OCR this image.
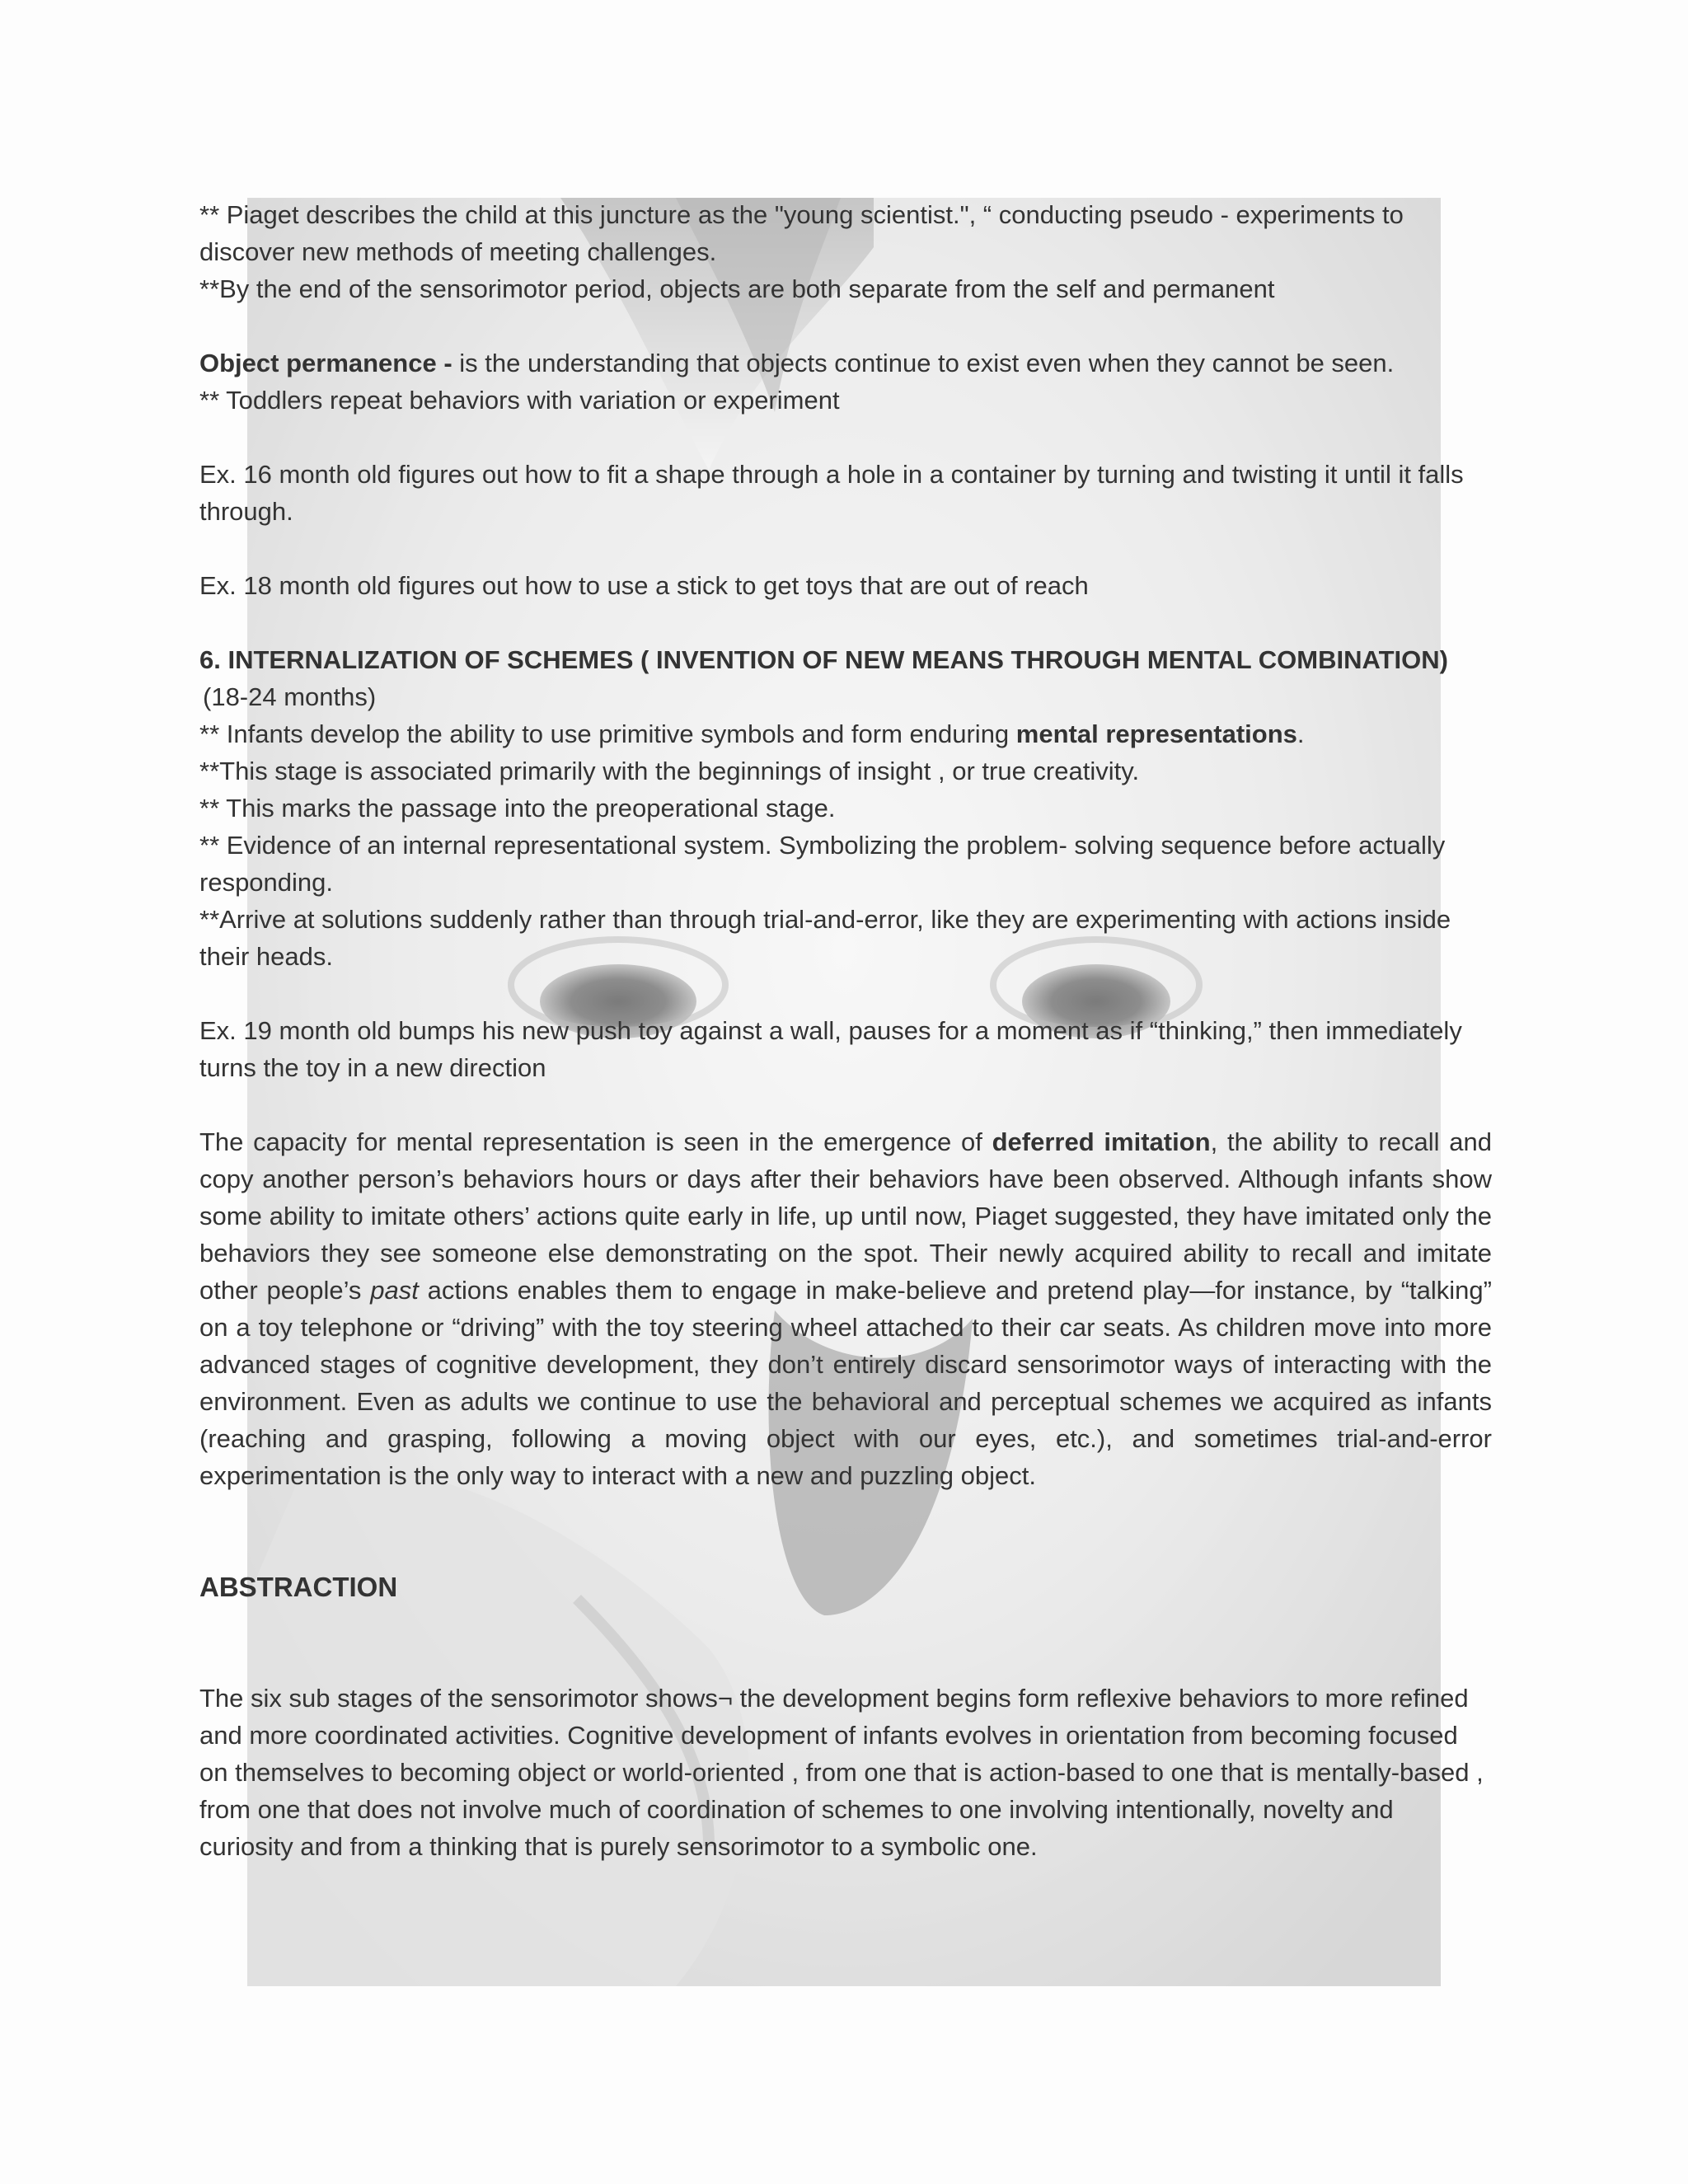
** Piaget describes the child at this juncture as the "young scientist.", “ conducting pseudo - experiments to discover new methods of meeting challenges.

**By the end of the sensorimotor period, objects are both separate from the self and permanent

Object permanence - is the understanding that objects continue to exist even when they cannot be seen.

** Toddlers repeat behaviors with variation or experiment

Ex. 16 month old figures out how to fit a shape through a hole in a container by turning and twisting it until it falls through.

Ex. 18 month old figures out how to use a stick to get toys that are out of reach

6. INTERNALIZATION OF SCHEMES ( INVENTION OF NEW MEANS THROUGH MENTAL COMBINATION)

(18-24 months)

** Infants develop the ability to use primitive symbols and form enduring mental representations.

**This stage is associated primarily with the beginnings of insight , or true creativity.

** This marks the passage into the preoperational stage.

** Evidence of an internal representational system. Symbolizing the problem- solving sequence before actually responding.

**Arrive at solutions suddenly rather than through trial-and-error, like they are experimenting with actions inside their heads.

Ex. 19 month old bumps his new push toy against a wall, pauses for a moment as if “thinking,” then immediately turns the toy in a new direction

The capacity for mental representation is seen in the emergence of deferred imitation, the ability to recall and copy another person’s behaviors hours or days after their behaviors have been observed. Although infants show some ability to imitate others’ actions quite early in life, up until now, Piaget suggested, they have imitated only the behaviors they see someone else demonstrating on the spot. Their newly acquired ability to recall and imitate other people’s past actions enables them to engage in make-believe and pretend play—for instance, by “talking” on a toy telephone or “driving” with the toy steering wheel attached to their car seats. As children move into more advanced stages of cognitive development, they don’t entirely discard sensorimotor ways of interacting with the environment. Even as adults we continue to use the behavioral and perceptual schemes we acquired as infants (reaching and grasping, following a moving object with our eyes, etc.), and sometimes trial-and-error experimentation is the only way to interact with a new and puzzling object.

ABSTRACTION

The six sub stages of the sensorimotor shows¬ the development begins form reflexive behaviors to more refined and more coordinated activities. Cognitive development of infants evolves in orientation from becoming focused on themselves to becoming object or world-oriented , from one that is action-based to one that is mentally-based , from one that does not involve much of coordination of schemes to one involving intentionally, novelty and curiosity and from a thinking that is purely sensorimotor to a symbolic one.
